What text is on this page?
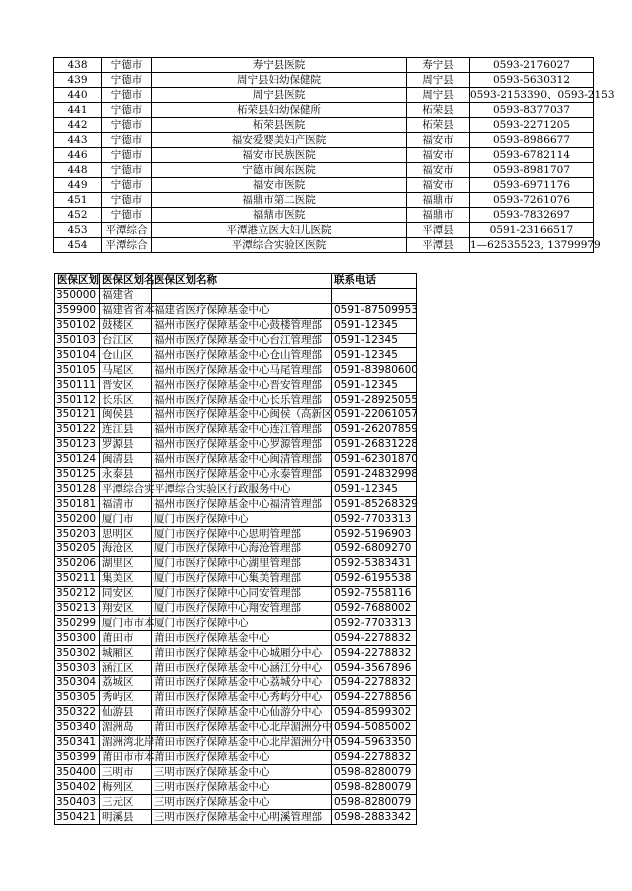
438	宁德市	寿宁县医院	寿宁县	0593-2176027
439	宁德市	周宁县妇幼保健院	周宁县	0593-5630312
440	宁德市	周宁县医院	周宁县	0593-2153390、0593-2153
441	宁德市	柘荣县妇幼保健所	柘荣县	0593-8377037
442	宁德市	柘荣县医院	柘荣县	0593-2271205
443	宁德市	福安爱婴美妇产医院	福安市	0593-8986677
446	宁德市	福安市民族医院	福安市	0593-6782114
448	宁德市	宁德市闽东医院	福安市	0593-8981707
449	宁德市	福安市医院	福安市	0593-6971176
451	宁德市	福鼎市第二医院	福鼎市	0593-7261076
452	宁德市	福鼎市医院	福鼎市	0593-7832697
453	平潭综合	平潭港立医大妇儿医院	平潭县	0591-23166517
454	平潭综合	平潭综合实验区医院	平潭县	1—62535523, 13799979
医保区划	医保区划名	医保区划名称	联系电话
350000	福建省		
359900	福建省省本	福建省医疗保障基金中心	0591-87509953
350102	鼓楼区	福州市医疗保障基金中心鼓楼管理部	0591-12345
350103	台江区	福州市医疗保障基金中心台江管理部	0591-12345
350104	仓山区	福州市医疗保障基金中心仓山管理部	0591-12345
350105	马尾区	福州市医疗保障基金中心马尾管理部	0591-83980600
350111	晋安区	福州市医疗保障基金中心晋安管理部	0591-12345
350112	长乐区	福州市医疗保障基金中心长乐管理部	0591-28925055
350121	闽侯县	福州市医疗保障基金中心闽侯（高新区	0591-22061057
350122	连江县	福州市医疗保障基金中心连江管理部	0591-26207859
350123	罗源县	福州市医疗保障基金中心罗源管理部	0591-26831228
350124	闽清县	福州市医疗保障基金中心闽清管理部	0591-62301870
350125	永泰县	福州市医疗保障基金中心永泰管理部	0591-24832998
350128	平潭综合实	平潭综合实验区行政服务中心	0591-12345
350181	福清市	福州市医疗保障基金中心福清管理部	0591-85268329
350200	厦门市	厦门市医疗保障中心	0592-7703313
350203	思明区	厦门市医疗保障中心思明管理部	0592-5196903
350205	海沧区	厦门市医疗保障中心海沧管理部	0592-6809270
350206	湖里区	厦门市医疗保障中心湖里管理部	0592-5383431
350211	集美区	厦门市医疗保障中心集美管理部	0592-6195538
350212	同安区	厦门市医疗保障中心同安管理部	0592-7558116
350213	翔安区	厦门市医疗保障中心翔安管理部	0592-7688002
350299	厦门市市本	厦门市医疗保障中心	0592-7703313
350300	莆田市	莆田市医疗保障基金中心	0594-2278832
350302	城厢区	莆田市医疗保障基金中心城厢分中心	0594-2278832
350303	涵江区	莆田市医疗保障基金中心涵江分中心	0594-3567896
350304	荔城区	莆田市医疗保障基金中心荔城分中心	0594-2278832
350305	秀屿区	莆田市医疗保障基金中心秀屿分中心	0594-2278856
350322	仙游县	莆田市医疗保障基金中心仙游分中心	0594-8599302
350340	湄洲岛	莆田市医疗保障基金中心北岸湄洲分中	0594-5085002
350341	湄洲湾北岸	莆田市医疗保障基金中心北岸湄洲分中	0594-5963350
350399	莆田市市本	莆田市医疗保障基金中心	0594-2278832
350400	三明市	三明市医疗保障基金中心	0598-8280079
350402	梅列区	三明市医疗保障基金中心	0598-8280079
350403	三元区	三明市医疗保障基金中心	0598-8280079
350421	明溪县	三明市医疗保障基金中心明溪管理部	0598-2883342
